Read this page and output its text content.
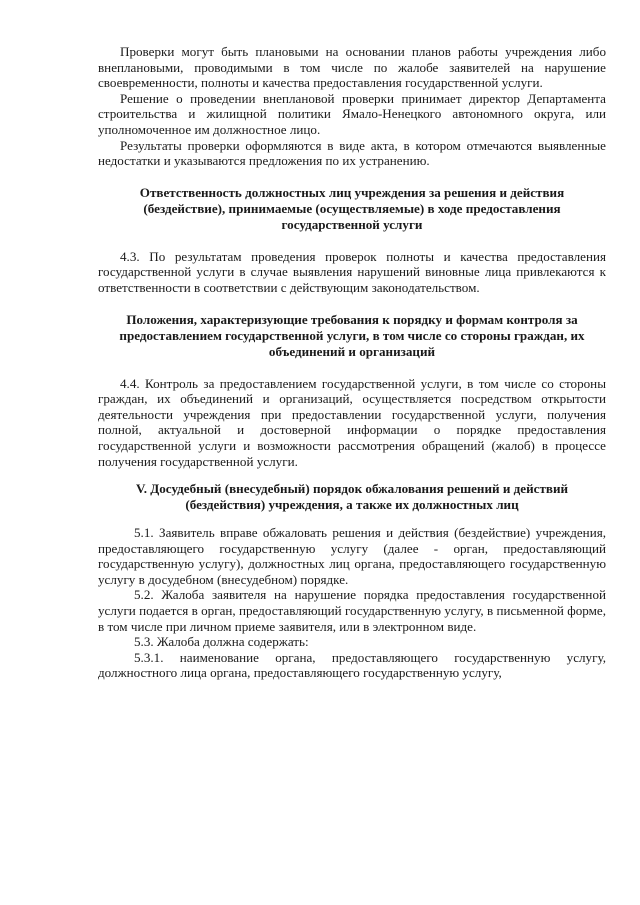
Проверки могут быть плановыми на основании планов работы учреждения либо внеплановыми, проводимыми в том числе по жалобе заявителей на нарушение своевременности, полноты и качества предоставления государственной услуги.

Решение о проведении внеплановой проверки принимает директор Департамента строительства и жилищной политики Ямало-Ненецкого автономного округа, или уполномоченное им должностное лицо.

Результаты проверки оформляются в виде акта, в котором отмечаются выявленные недостатки и указываются предложения по их устранению.

Ответственность должностных лиц учреждения за решения и действия (бездействие), принимаемые (осуществляемые) в ходе предоставления государственной услуги

4.3. По результатам проведения проверок полноты и качества предоставления государственной услуги в случае выявления нарушений виновные лица привлекаются к ответственности в соответствии с действующим законодательством.

Положения, характеризующие требования к порядку и формам контроля за предоставлением государственной услуги, в том числе со стороны граждан, их объединений и организаций

4.4. Контроль за предоставлением государственной услуги, в том числе со стороны граждан, их объединений и организаций, осуществляется посредством открытости деятельности учреждения при предоставлении государственной услуги, получения полной, актуальной и достоверной информации о порядке предоставления государственной услуги и возможности рассмотрения обращений (жалоб) в процессе получения государственной услуги.

V. Досудебный (внесудебный) порядок обжалования решений и действий (бездействия) учреждения, а также их должностных лиц

5.1. Заявитель вправе обжаловать решения и действия (бездействие) учреждения, предоставляющего государственную услугу (далее - орган, предоставляющий государственную услугу), должностных лиц органа, предоставляющего государственную услугу в досудебном (внесудебном) порядке.

5.2. Жалоба заявителя на нарушение порядка предоставления государственной услуги подается в орган, предоставляющий государственную услугу, в письменной форме, в том числе при личном приеме заявителя, или в электронном виде.

5.3. Жалоба должна содержать:

5.3.1. наименование органа, предоставляющего государственную услугу, должностного лица органа, предоставляющего государственную услугу,
